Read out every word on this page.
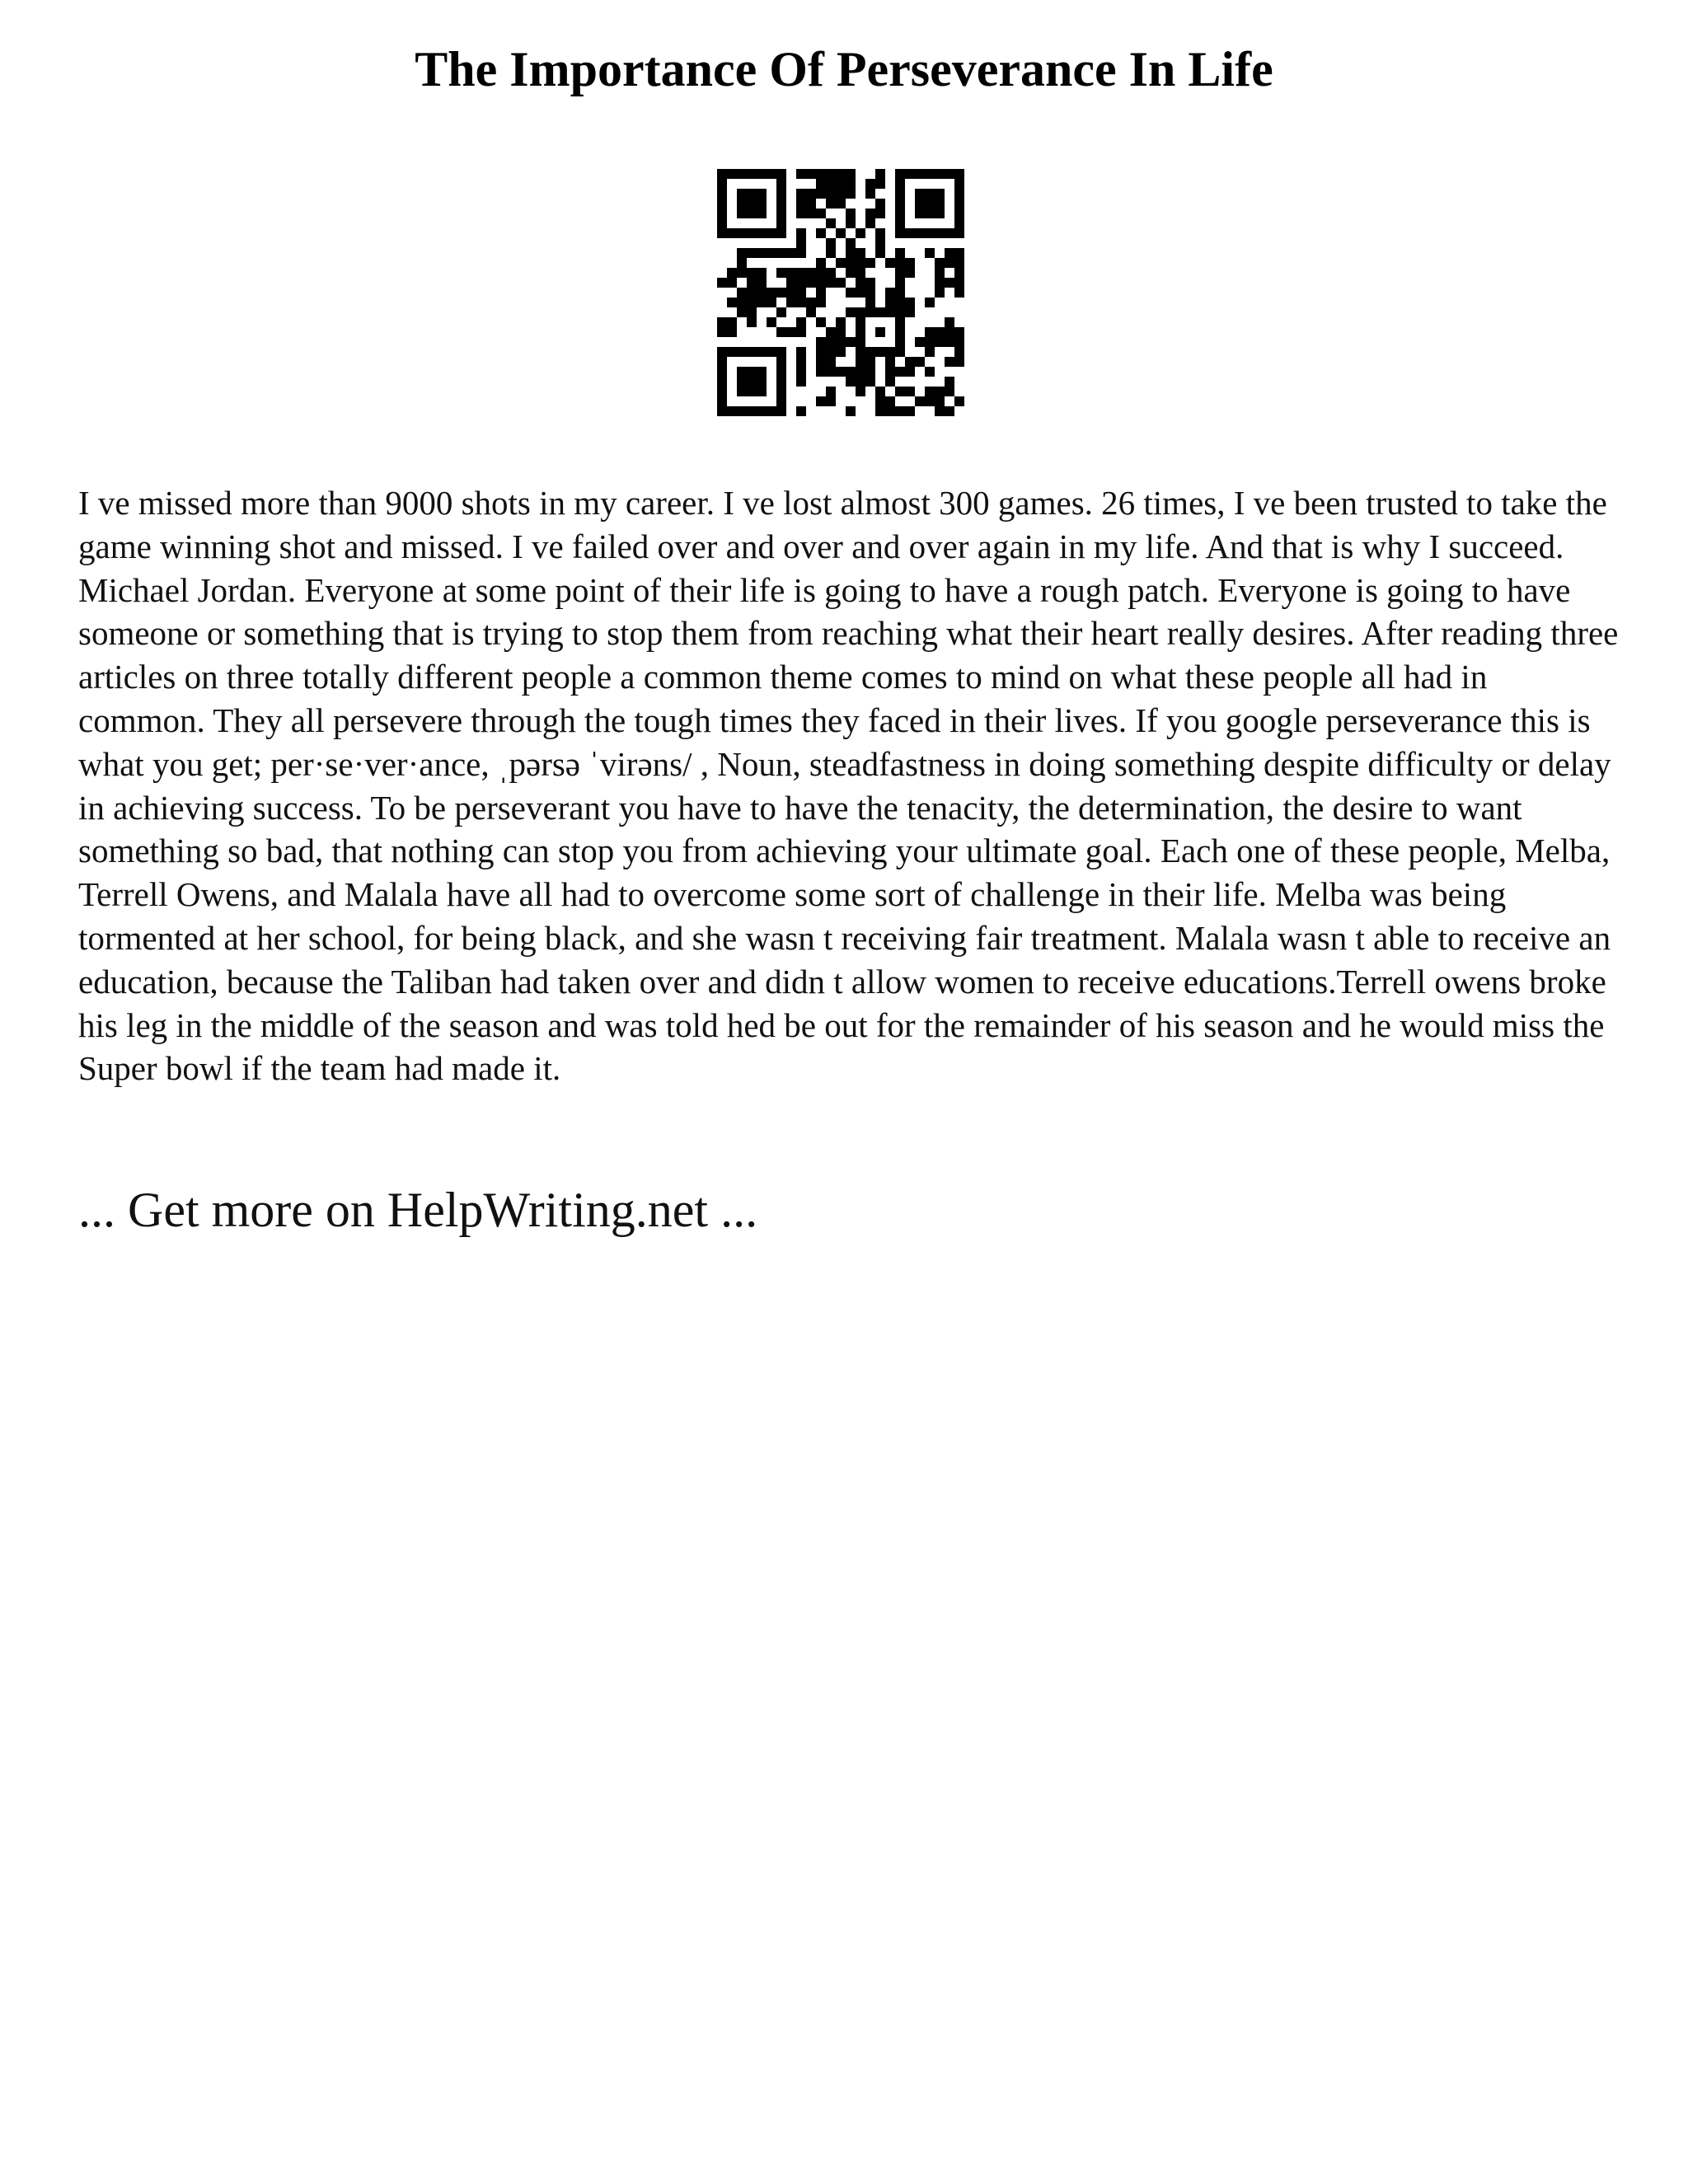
The Importance Of Perseverance In Life

I ve missed more than 9000 shots in my career. I ve lost almost 300 games. 26 times, I ve been trusted to take the game winning shot and missed. I ve failed over and over and over again in my life. And that is why I succeed. Michael Jordan. Everyone at some point of their life is going to have a rough patch. Everyone is going to have someone or something that is trying to stop them from reaching what their heart really desires. After reading three articles on three totally different people a common theme comes to mind on what these people all had in common. They all persevere through the tough times they faced in their lives. If you google perseverance this is what you get; per·se·ver·ance, ˌpərsə ˈvirəns/ , Noun, steadfastness in doing something despite difficulty or delay in achieving success. To be perseverant you have to have the tenacity, the determination, the desire to want something so bad, that nothing can stop you from achieving your ultimate goal. Each one of these people, Melba, Terrell Owens, and Malala have all had to overcome some sort of challenge in their life. Melba was being tormented at her school, for being black, and she wasn t receiving fair treatment. Malala wasn t able to receive an education, because the Taliban had taken over and didn t allow women to receive educations.Terrell owens broke his leg in the middle of the season and was told hed be out for the remainder of his season and he would miss the Super bowl if the team had made it.

... Get more on HelpWriting.net ...
